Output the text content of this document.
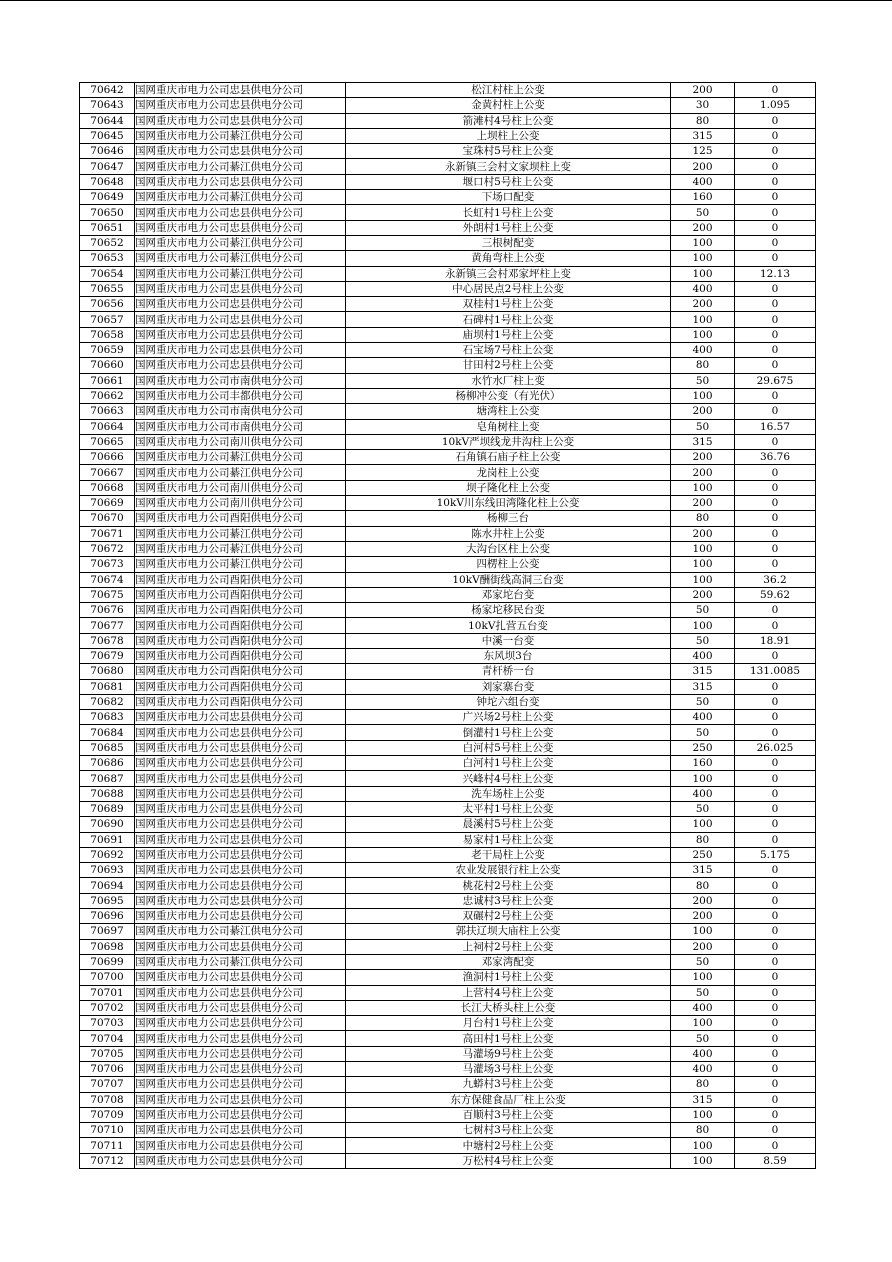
70642	国网重庆市电力公司忠县供电分公司	松江村柱上公变	200	0
70643	国网重庆市电力公司忠县供电分公司	金黄村柱上公变	30	1.095
70644	国网重庆市电力公司忠县供电分公司	箭滩村4号柱上公变	80	0
70645	国网重庆市电力公司綦江供电分公司	上坝柱上公变	315	0
70646	国网重庆市电力公司忠县供电分公司	宝珠村5号柱上公变	125	0
70647	国网重庆市电力公司綦江供电分公司	永新镇三会村文家坝柱上变	200	0
70648	国网重庆市电力公司忠县供电分公司	堰口村5号柱上公变	400	0
70649	国网重庆市电力公司綦江供电分公司	下场口配变	160	0
70650	国网重庆市电力公司忠县供电分公司	长虹村1号柱上公变	50	0
70651	国网重庆市电力公司忠县供电分公司	外朗村1号柱上公变	200	0
70652	国网重庆市电力公司綦江供电分公司	三根树配变	100	0
70653	国网重庆市电力公司綦江供电分公司	黄角弯柱上公变	100	0
70654	国网重庆市电力公司綦江供电分公司	永新镇三会村邓家坪柱上变	100	12.13
70655	国网重庆市电力公司忠县供电分公司	中心居民点2号柱上公变	400	0
70656	国网重庆市电力公司忠县供电分公司	双桂村1号柱上公变	200	0
70657	国网重庆市电力公司忠县供电分公司	石碑村1号柱上公变	100	0
70658	国网重庆市电力公司忠县供电分公司	庙坝村1号柱上公变	100	0
70659	国网重庆市电力公司忠县供电分公司	石宝场7号柱上公变	400	0
70660	国网重庆市电力公司忠县供电分公司	甘田村2号柱上公变	80	0
70661	国网重庆市电力公司市南供电分公司	水竹水厂柱上变	50	29.675
70662	国网重庆市电力公司丰都供电分公司	杨柳冲公变（有光伏）	100	0
70663	国网重庆市电力公司市南供电分公司	塘湾柱上公变	200	0
70664	国网重庆市电力公司市南供电分公司	皂角树柱上变	50	16.57
70665	国网重庆市电力公司南川供电分公司	10kV严坝线龙井沟柱上公变	315	0
70666	国网重庆市电力公司綦江供电分公司	石角镇石庙子柱上公变	200	36.76
70667	国网重庆市电力公司綦江供电分公司	龙岗柱上公变	200	0
70668	国网重庆市电力公司南川供电分公司	坝子隆化柱上公变	100	0
70669	国网重庆市电力公司南川供电分公司	10kV川东线田湾隆化柱上公变	200	0
70670	国网重庆市电力公司酉阳供电分公司	杨柳三台	80	0
70671	国网重庆市电力公司綦江供电分公司	陈水井柱上公变	200	0
70672	国网重庆市电力公司綦江供电分公司	大沟台区柱上公变	100	0
70673	国网重庆市电力公司綦江供电分公司	四楞柱上公变	100	0
70674	国网重庆市电力公司酉阳供电分公司	10kV酬街线高洞三台变	100	36.2
70675	国网重庆市电力公司酉阳供电分公司	邓家坨台变	200	59.62
70676	国网重庆市电力公司酉阳供电分公司	杨家坨移民台变	50	0
70677	国网重庆市电力公司酉阳供电分公司	10kV扎营五台变	100	0
70678	国网重庆市电力公司酉阳供电分公司	中溪一台变	50	18.91
70679	国网重庆市电力公司酉阳供电分公司	东风坝3台	400	0
70680	国网重庆市电力公司酉阳供电分公司	青杆桥一台	315	131.0085
70681	国网重庆市电力公司酉阳供电分公司	刘家寨台变	315	0
70682	国网重庆市电力公司酉阳供电分公司	钟坨六组台变	50	0
70683	国网重庆市电力公司忠县供电分公司	广兴场2号柱上公变	400	0
70684	国网重庆市电力公司忠县供电分公司	倒灌村1号柱上公变	50	0
70685	国网重庆市电力公司忠县供电分公司	白河村5号柱上公变	250	26.025
70686	国网重庆市电力公司忠县供电分公司	白河村1号柱上公变	160	0
70687	国网重庆市电力公司忠县供电分公司	兴峰村4号柱上公变	100	0
70688	国网重庆市电力公司忠县供电分公司	洗车场柱上公变	400	0
70689	国网重庆市电力公司忠县供电分公司	太平村1号柱上公变	50	0
70690	国网重庆市电力公司忠县供电分公司	晨溪村5号柱上公变	100	0
70691	国网重庆市电力公司忠县供电分公司	易家村1号柱上公变	80	0
70692	国网重庆市电力公司忠县供电分公司	老干局柱上公变	250	5.175
70693	国网重庆市电力公司忠县供电分公司	农业发展银行柱上公变	315	0
70694	国网重庆市电力公司忠县供电分公司	桃花村2号柱上公变	80	0
70695	国网重庆市电力公司忠县供电分公司	忠诚村3号柱上公变	200	0
70696	国网重庆市电力公司忠县供电分公司	双碾村2号柱上公变	200	0
70697	国网重庆市电力公司綦江供电分公司	郭扶辽坝大庙柱上公变	100	0
70698	国网重庆市电力公司忠县供电分公司	上祠村2号柱上公变	200	0
70699	国网重庆市电力公司綦江供电分公司	邓家湾配变	50	0
70700	国网重庆市电力公司忠县供电分公司	渔洞村1号柱上公变	100	0
70701	国网重庆市电力公司忠县供电分公司	上营村4号柱上公变	50	0
70702	国网重庆市电力公司忠县供电分公司	长江大桥头柱上公变	400	0
70703	国网重庆市电力公司忠县供电分公司	月台村1号柱上公变	100	0
70704	国网重庆市电力公司忠县供电分公司	高田村1号柱上公变	50	0
70705	国网重庆市电力公司忠县供电分公司	马灌场9号柱上公变	400	0
70706	国网重庆市电力公司忠县供电分公司	马灌场3号柱上公变	400	0
70707	国网重庆市电力公司忠县供电分公司	九蟒村3号柱上公变	80	0
70708	国网重庆市电力公司忠县供电分公司	东方保健食品厂柱上公变	315	0
70709	国网重庆市电力公司忠县供电分公司	百顺村3号柱上公变	100	0
70710	国网重庆市电力公司忠县供电分公司	七树村3号柱上公变	80	0
70711	国网重庆市电力公司忠县供电分公司	中塘村2号柱上公变	100	0
70712	国网重庆市电力公司忠县供电分公司	万松村4号柱上公变	100	8.59
